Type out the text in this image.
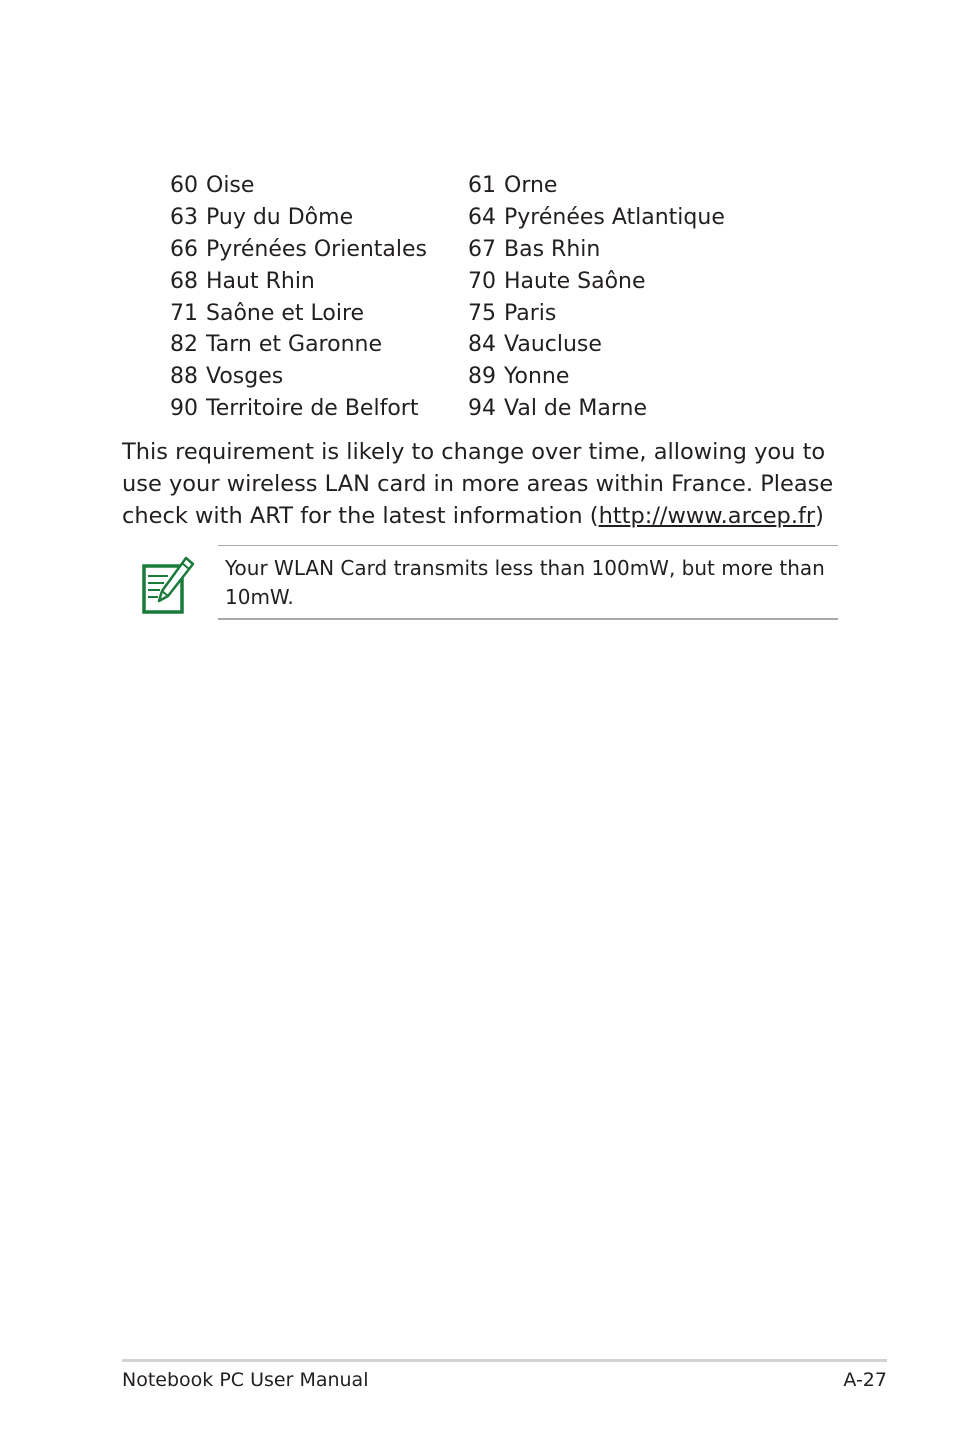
60 Oise	61 Orne
63 Puy du Dôme	64 Pyrénées Atlantique
66 Pyrénées Orientales 67 Bas Rhin
68 Haut Rhin	70 Haute Saône
71 Saône et Loire	75 Paris
82 Tarn et Garonne	84 Vaucluse
88 Vosges	89 Yonne
90 Territoire de Belfort 94 Val de Marne

This requirement is likely to change over time, allowing you to use your wireless LAN card in more areas within France. Please check with ART for the latest information (http://www.arcep.fr)

Your WLAN Card transmits less than 100mW, but more than 10mW.

Notebook PC User Manual	A-27
